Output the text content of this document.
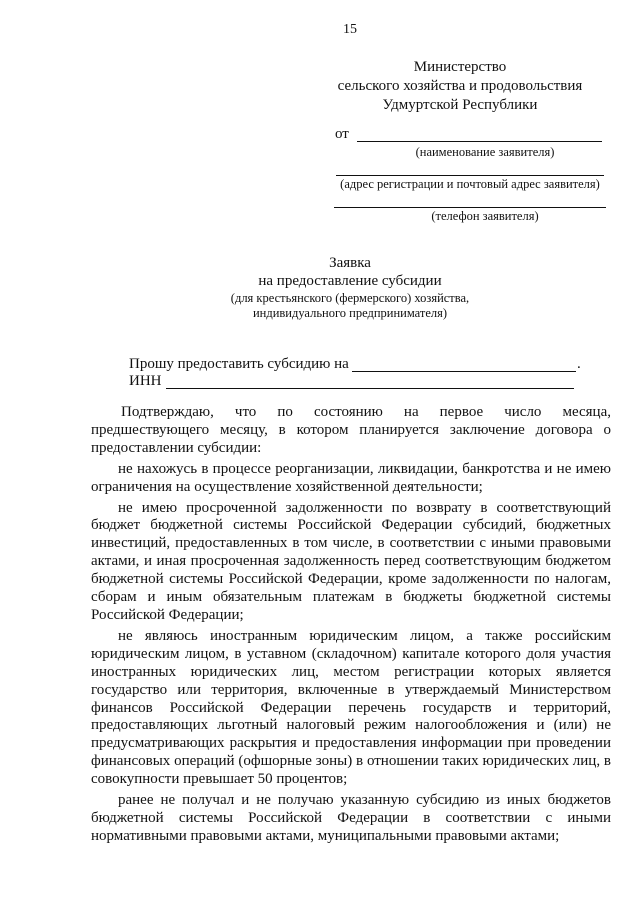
15
Министерство
сельского хозяйства и продовольствия
Удмуртской Республики
от
(наименование заявителя)
(адрес регистрации и почтовый адрес заявителя)
(телефон заявителя)
Заявка
на предоставление субсидии
(для крестьянского (фермерского) хозяйства,
индивидуального предпринимателя)
Прошу предоставить субсидию на	.
ИНН

Подтверждаю, что по состоянию на первое число месяца, предшествующего месяцу, в котором планируется заключение договора о предоставлении субсидии:

не нахожусь в процессе реорганизации, ликвидации, банкротства и не имею ограничения на осуществление хозяйственной деятельности;

не имею просроченной задолженности по возврату в соответствующий бюджет бюджетной системы Российской Федерации субсидий, бюджетных инвестиций, предоставленных в том числе, в соответствии с иными правовыми актами, и иная просроченная задолженность перед соответствующим бюджетом бюджетной системы Российской Федерации, кроме задолженности по налогам, сборам и иным обязательным платежам в бюджеты бюджетной системы Российской Федерации;

не являюсь иностранным юридическим лицом, а также российским юридическим лицом, в уставном (складочном) капитале которого доля участия иностранных юридических лиц, местом регистрации которых является государство или территория, включенные в утверждаемый Министерством финансов Российской Федерации перечень государств и территорий, предоставляющих льготный налоговый режим налогообложения и (или) не предусматривающих раскрытия и предоставления информации при проведении финансовых операций (офшорные зоны) в отношении таких юридических лиц, в совокупности превышает 50 процентов;

ранее не получал и не получаю указанную субсидию из иных бюджетов бюджетной системы Российской Федерации в соответствии с иными нормативными правовыми актами, муниципальными правовыми актами;
